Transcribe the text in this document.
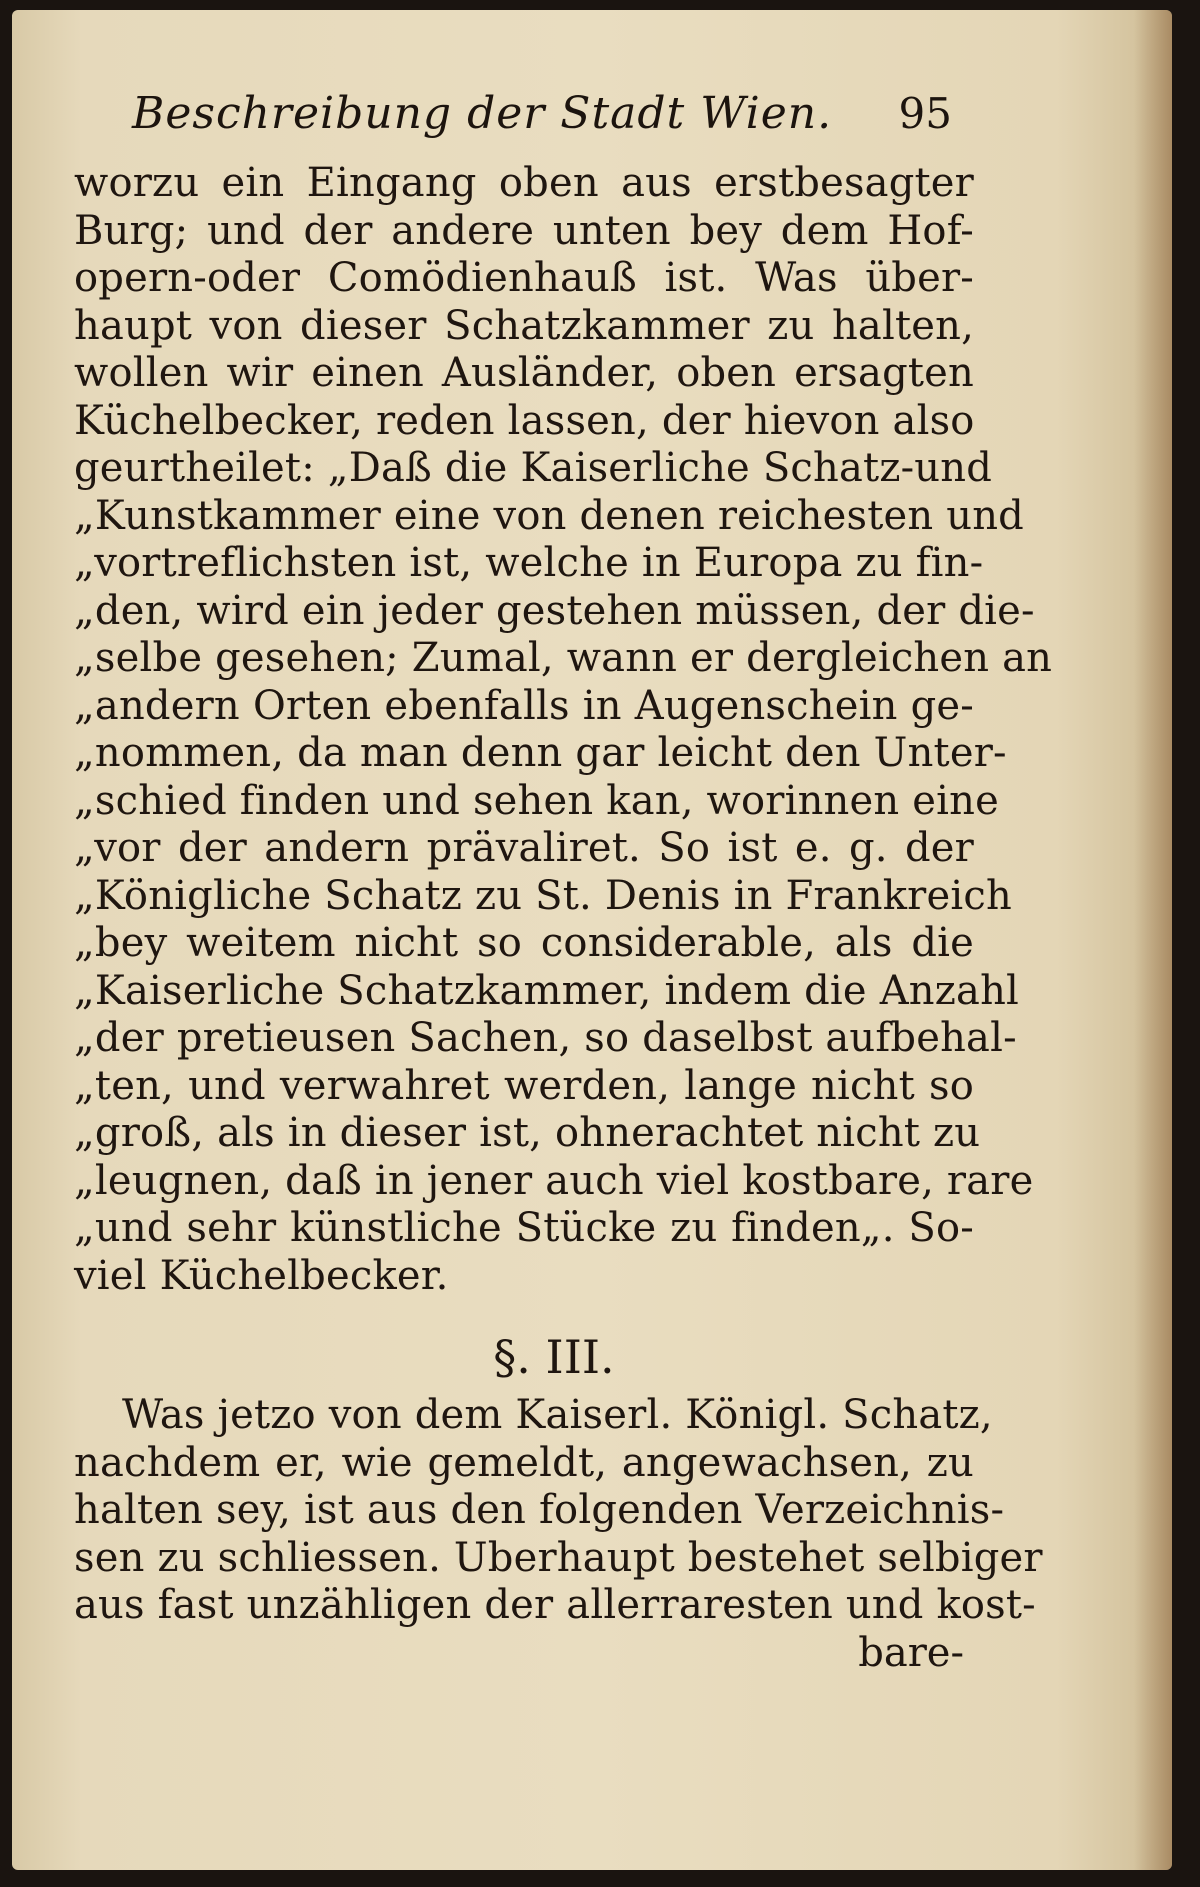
Beschreibung der Stadt Wien. 95
worzu ein Eingang oben aus erstbesagter
Burg; und der andere unten bey dem Hof-
opern-oder Comödienhauß ist. Was über-
haupt von dieser Schatzkammer zu halten,
wollen wir einen Ausländer, oben ersagten
Küchelbecker, reden lassen, der hievon also
geurtheilet: „Daß die Kaiserliche Schatz-und
„Kunstkammer eine von denen reichesten und
„vortreflichsten ist, welche in Europa zu fin-
„den, wird ein jeder gestehen müssen, der die-
„selbe gesehen; Zumal, wann er dergleichen an
„andern Orten ebenfalls in Augenschein ge-
„nommen, da man denn gar leicht den Unter-
„schied finden und sehen kan, worinnen eine
„vor der andern prävaliret. So ist e. g. der
„Königliche Schatz zu St. Denis in Frankreich
„bey weitem nicht so considerable, als die
„Kaiserliche Schatzkammer, indem die Anzahl
„der pretieusen Sachen, so daselbst aufbehal-
„ten, und verwahret werden, lange nicht so
„groß, als in dieser ist, ohnerachtet nicht zu
„leugnen, daß in jener auch viel kostbare, rare
„und sehr künstliche Stücke zu finden„. So-
viel Küchelbecker.
§. III.
Was jetzo von dem Kaiserl. Königl. Schatz,
nachdem er, wie gemeldt, angewachsen, zu
halten sey, ist aus den folgenden Verzeichnis-
sen zu schliessen. Uberhaupt bestehet selbiger
aus fast unzähligen der allerraresten und kost-
bare-
